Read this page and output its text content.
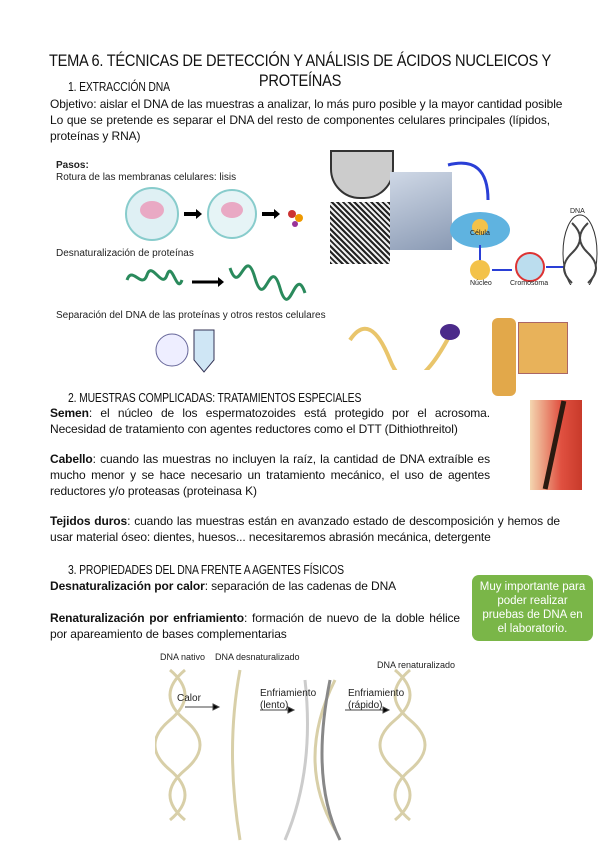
TEMA 6. TÉCNICAS DE DETECCIÓN Y ANÁLISIS DE ÁCIDOS NUCLEICOS Y PROTEÍNAS
1. EXTRACCIÓN DNA
Objetivo: aislar el DNA de las muestras a analizar, lo más puro posible y la mayor cantidad posible
Lo que se pretende es separar el DNA del resto de componentes celulares principales (lípidos, proteínas y RNA)
Pasos:
Rotura de las membranas celulares: lisis
Desnaturalización de proteínas
Separación del DNA de las proteínas y otros restos celulares
Célula
Núcleo	Cromosoma
DNA
2. MUESTRAS COMPLICADAS: TRATAMIENTOS ESPECIALES
Semen: el núcleo de los espermatozoides está protegido por el acrosoma. Necesidad de tratamiento con agentes reductores como el DTT (Dithiothreitol)
Cabello: cuando las muestras no incluyen la raíz, la cantidad de DNA extraíble es mucho menor y se hace necesario un tratamiento mecánico, el uso de agentes reductores y/o proteasas (proteinasa K)
Tejidos duros: cuando las muestras están en avanzado estado de descomposición y hemos de usar material óseo: dientes, huesos... necesitaremos abrasión mecánica, detergente
3. PROPIEDADES DEL DNA FRENTE A AGENTES FÍSICOS
Desnaturalización por calor: separación de las cadenas de DNA
Renaturalización por enfriamiento: formación de nuevo de la doble hélice por apareamiento de bases complementarias
Muy importante para poder realizar pruebas de DNA en el laboratorio.
DNA nativo DNA desnaturalizado
DNA renaturalizado
Calor	Enfriamiento (lento)
Enfriamiento (rápido)
